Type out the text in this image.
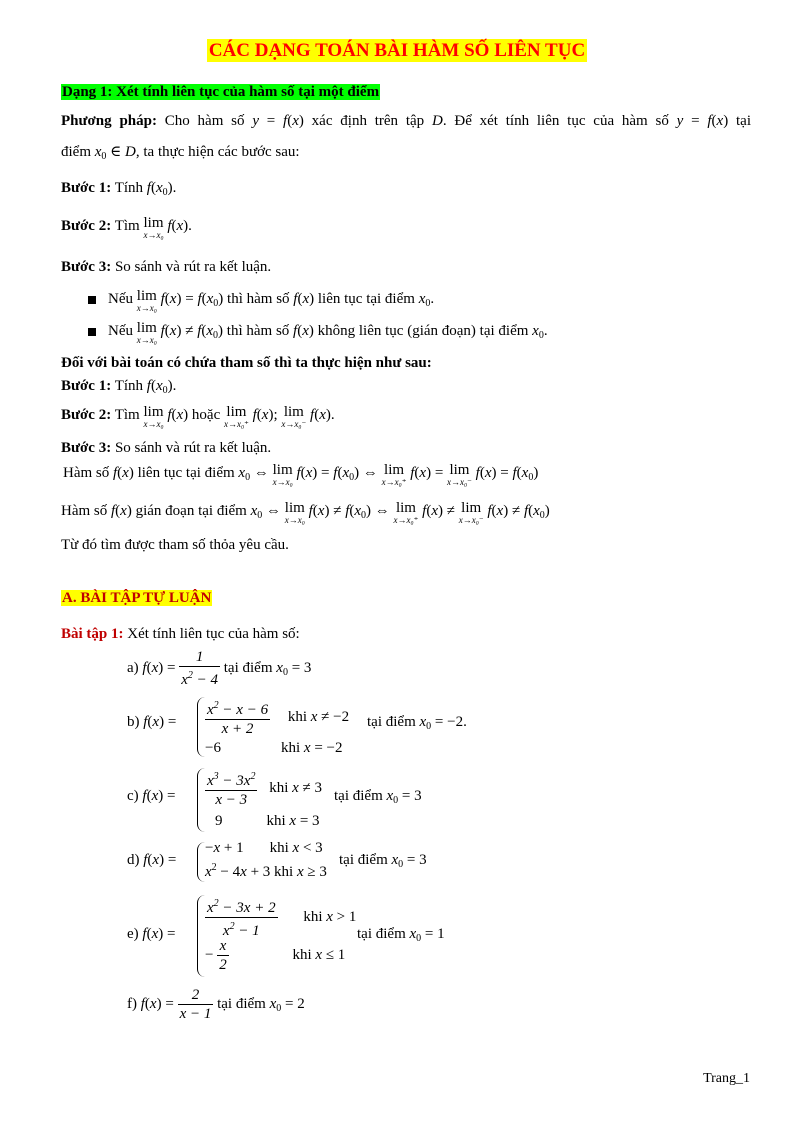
CÁC DẠNG TOÁN BÀI HÀM SỐ LIÊN TỤC
Dạng 1: Xét tính liên tục của hàm số tại một điểm
Phương pháp: Cho hàm số y = f(x) xác định trên tập D. Để xét tính liên tục của hàm số y = f(x) tại
điểm $x_0$ ∈ D, ta thực hiện các bước sau:
Bước 1: Tính $f(x_0)$.
Bước 2: Tìm lim
x→x₀
f(x).
Bước 3: So sánh và rút ra kết luận.
Nếu lim
x→x₀
$f(x) = f(x_0)$ thì hàm số f(x) liên tục tại điểm $x_0$.
Nếu lim
x→x₀
$f(x) \ne f(x_0)$ thì hàm số f(x) không liên tục (gián đoạn) tại điểm $x_0$.
Đối với bài toán có chứa tham số thì ta thực hiện như sau:
Bước 1: Tính $f(x_0)$.
Bước 2: Tìm lim
x→x₀
f(x) hoặc lim
x→x₀⁺
f(x); lim
x→x₀⁻
f(x).
Bước 3: So sánh và rút ra kết luận.
Hàm số f(x) liên tục tại điểm $x_0$ ⇔ lim
x→x₀
$f(x) = f(x_0)$ ⇔ lim
x→x₀⁺
f(x) = lim
x→x₀⁻
$f(x) = f(x_0)$
Hàm số f(x) gián đoạn tại điểm $x_0$ ⇔ lim
x→x₀
$f(x) \ne f(x_0)$ ⇔ lim
x→x₀⁺
f(x) ≠ lim
x→x₀⁻
$f(x) \ne f(x_0)$
Từ đó tìm được tham số thỏa yêu cầu.
A. BÀI TẬP TỰ LUẬN
Bài tập 1: Xét tính liên tục của hàm số:
a) $f(x) = \frac{1}{x^2 - 4}$ tại điểm $x_0 = 3$
b) $f(x) = \frac{x^2 - x - 6}{x + 2}$ khi x ≠ −2
−6	khi x = −2
tại điểm $x_0 = -2$.
c) $f(x) = \frac{x^3 - 3x^2}{x - 3}$ khi x ≠ 3
9	khi x = 3
tại điểm $x_0 = 3$
d) f(x) =
−x + 1 khi x < 3
$x^2 - 4x + 3$ khi x ≥ 3
tại điểm $x_0 = 3$
e) $f(x) = \frac{x^2 - 3x + 2}{x^2 - 1}$ khi x > 1
− $\frac{x}{2}$	khi x ≤ 1
tại điểm $x_0 = 1$
f) $f(x) = \frac{2}{x - 1}$ tại điểm $x_0 = 2$
Trang_1
